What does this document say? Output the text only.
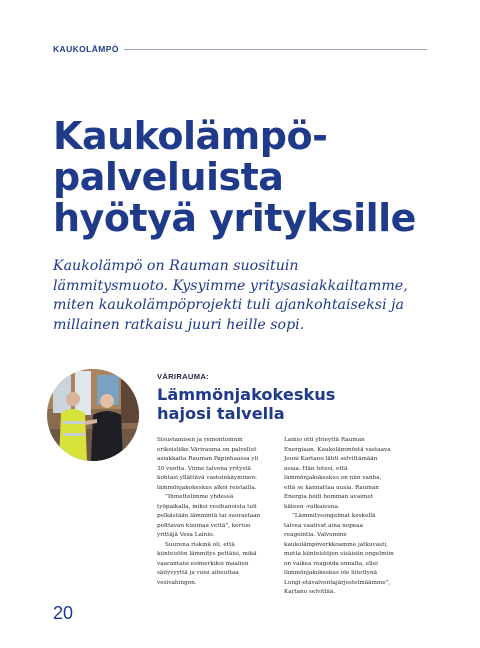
KAUKOLÄMPÖ
Kaukolämpö-
palveluista
hyötyä yrityksille

Kaukolämpö on Rauman suosituin
lämmitysmuoto. Kysyimme yritysasiakkailtamme,
miten kaukolämpöprojekti tuli ajankohtaiseksi ja
millainen ratkaisu juuri heille sopi.

VÄRIRAUMA:
Lämmönjakokeskus
hajosi talvella

Sisustamisen ja remontoinnin erikoisliike Värirauma on palvellut asiakkaita Rauman Papinhaassa yli 30 vuotta. Viime talvena yritystä kohtasi yllättävä vastoinkäyminen: lämmönjakokeskus alkoi reistailla.

”Ihmettelimme yhdessä työpaikalla, miksi vesihanoista tuli pelkästään lämmintä tai suorastaan polttavan kuumaa vettä”, kertoo yrittäjä Vesa Lainio.

Suurena riskinä oli, että kiinteistön lämmitys pettäisi, mikä vaarantaisi esimerkiksi maalien säilyvyyttä ja voisi aiheuttaa vesivahingon.

Lainio otti yhteyttä Rauman Energiaan. Kaukolämmöstä vastaava Jouni Kartano lähti selvittämään asiaa. Hän totesi, että lämmönjakokeskus on niin vanha, että se kannattaa uusia. Rauman Energia hoiti homman avaimet käteen -ratkaisuna.

”Lämmitysongelmat keskellä talvea vaativat aina nopeaa reagointia. Valvomme kaukolämpöverkkoamme jatkuvasti, mutta kiinteistöjen sisäisiin ongelmiin on vaikea reagoida ennalta, ellei lämmönjakokeskus ole liitettynä Lungi-etävalvontajärjestelmäämme”, Kartano selvittää.

20
